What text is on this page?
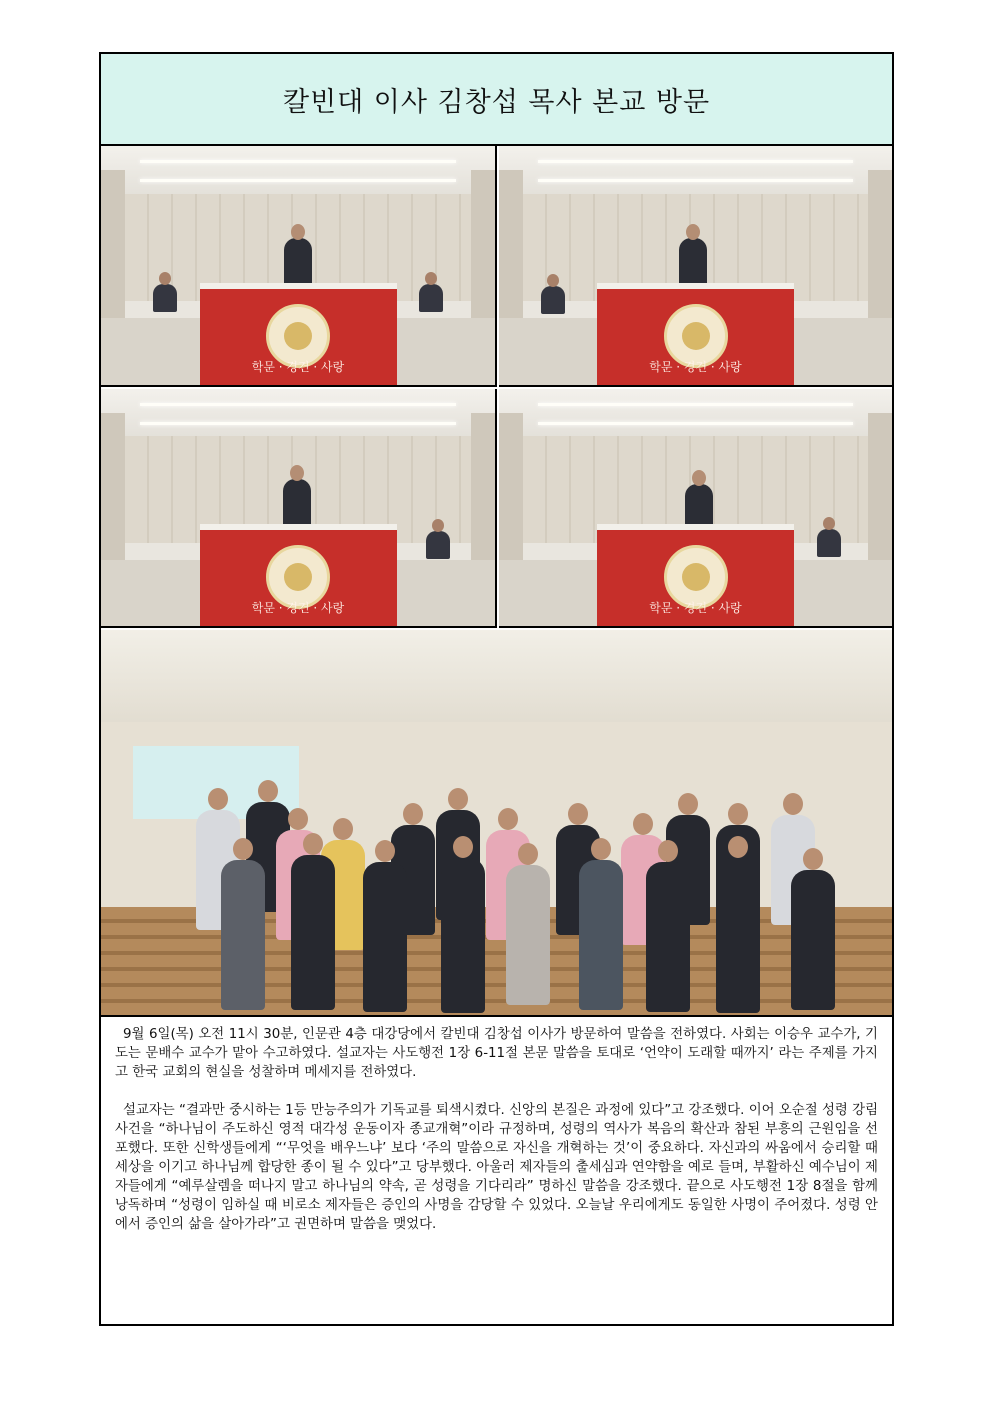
칼빈대 이사 김창섭 목사 본교 방문
학문 · 경건 · 사랑	학문 · 경건 · 사랑
학문 · 경건 · 사랑	학문 · 경건 · 사랑

9월 6일(목) 오전 11시 30분, 인문관 4층 대강당에서 칼빈대 김창섭 이사가 방문하여 말씀을 전하였다. 사회는 이승우 교수가, 기도는 문배수 교수가 맡아 수고하였다. 설교자는 사도행전 1장 6-11절 본문 말씀을 토대로 ‘언약이 도래할 때까지’ 라는 주제를 가지고 한국 교회의 현실을 성찰하며 메세지를 전하였다.

설교자는 “결과만 중시하는 1등 만능주의가 기독교를 퇴색시켰다. 신앙의 본질은 과정에 있다”고 강조했다. 이어 오순절 성령 강림 사건을 “하나님이 주도하신 영적 대각성 운동이자 종교개혁”이라 규정하며, 성령의 역사가 복음의 확산과 참된 부흥의 근원임을 선포했다. 또한 신학생들에게 “‘무엇을 배우느냐’ 보다 ‘주의 말씀으로 자신을 개혁하는 것’이 중요하다. 자신과의 싸움에서 승리할 때 세상을 이기고 하나님께 합당한 종이 될 수 있다”고 당부했다. 아울러 제자들의 출세심과 연약함을 예로 들며, 부활하신 예수님이 제자들에게 “예루살렘을 떠나지 말고 하나님의 약속, 곧 성령을 기다리라” 명하신 말씀을 강조했다. 끝으로 사도행전 1장 8절을 함께 낭독하며 “성령이 임하실 때 비로소 제자들은 증인의 사명을 감당할 수 있었다. 오늘날 우리에게도 동일한 사명이 주어졌다. 성령 안에서 증인의 삶을 살아가라”고 권면하며 말씀을 맺었다.
